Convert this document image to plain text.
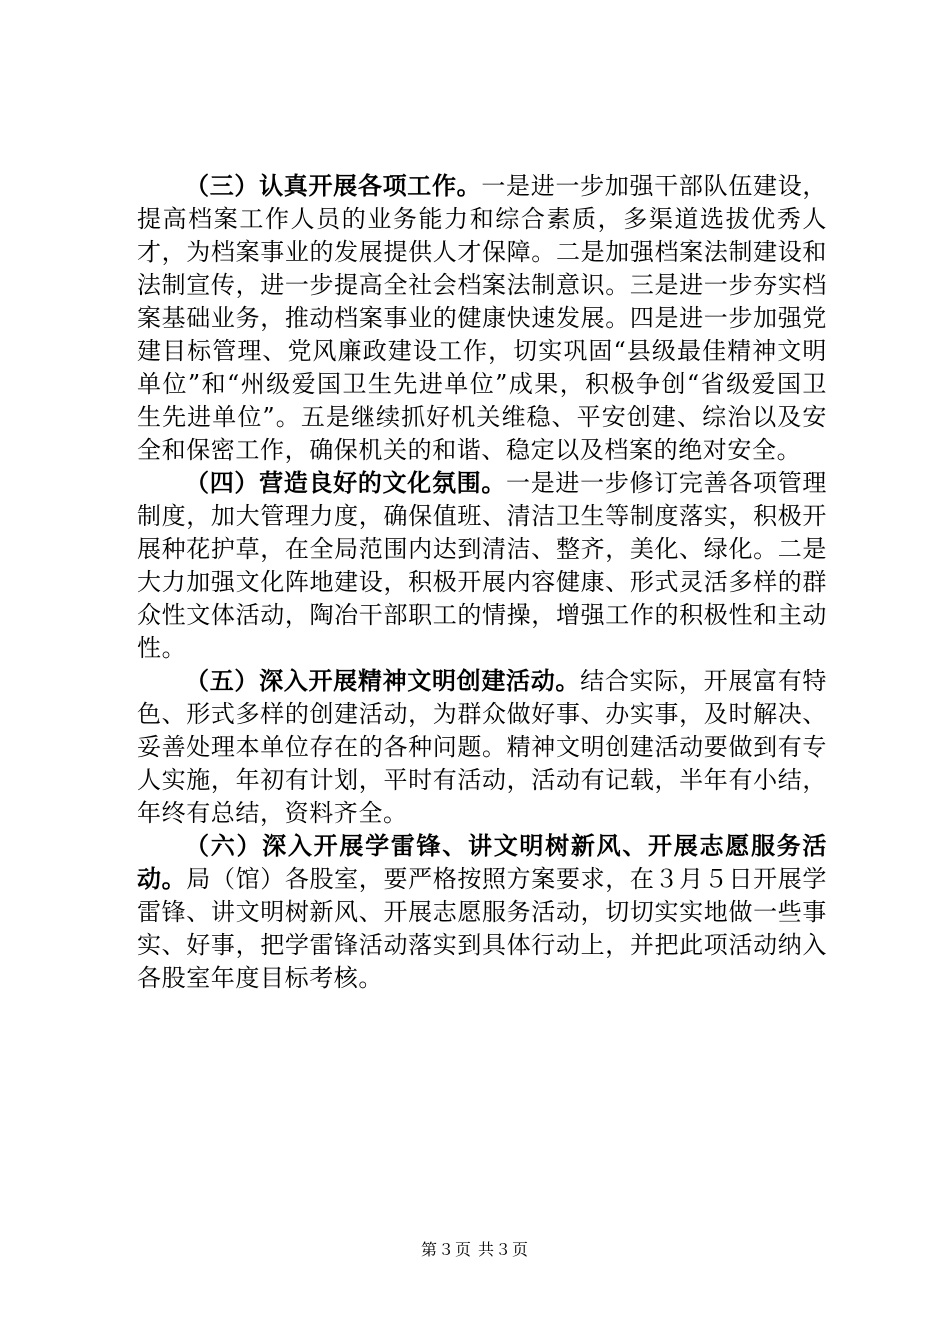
（三）认真开展各项工作。一是进一步加强干部队伍建设，提高档案工作人员的业务能力和综合素质，多渠道选拔优秀人才，为档案事业的发展提供人才保障。二是加强档案法制建设和法制宣传，进一步提高全社会档案法制意识。三是进一步夯实档案基础业务，推动档案事业的健康快速发展。四是进一步加强党建目标管理、党风廉政建设工作，切实巩固“县级最佳精神文明单位”和“州级爱国卫生先进单位”成果，积极争创“省级爱国卫生先进单位”。五是继续抓好机关维稳、平安创建、综治以及安全和保密工作，确保机关的和谐、稳定以及档案的绝对安全。

（四）营造良好的文化氛围。一是进一步修订完善各项管理制度，加大管理力度，确保值班、清洁卫生等制度落实，积极开展种花护草，在全局范围内达到清洁、整齐，美化、绿化。二是大力加强文化阵地建设，积极开展内容健康、形式灵活多样的群众性文体活动，陶冶干部职工的情操，增强工作的积极性和主动性。

（五）深入开展精神文明创建活动。结合实际，开展富有特色、形式多样的创建活动，为群众做好事、办实事，及时解决、妥善处理本单位存在的各种问题。精神文明创建活动要做到有专人实施，年初有计划，平时有活动，活动有记载，半年有小结，年终有总结，资料齐全。

（六）深入开展学雷锋、讲文明树新风、开展志愿服务活动。局（馆）各股室，要严格按照方案要求，在３月５日开展学雷锋、讲文明树新风、开展志愿服务活动，切切实实地做一些事实、好事，把学雷锋活动落实到具体行动上，并把此项活动纳入各股室年度目标考核。

第３页 共３页
